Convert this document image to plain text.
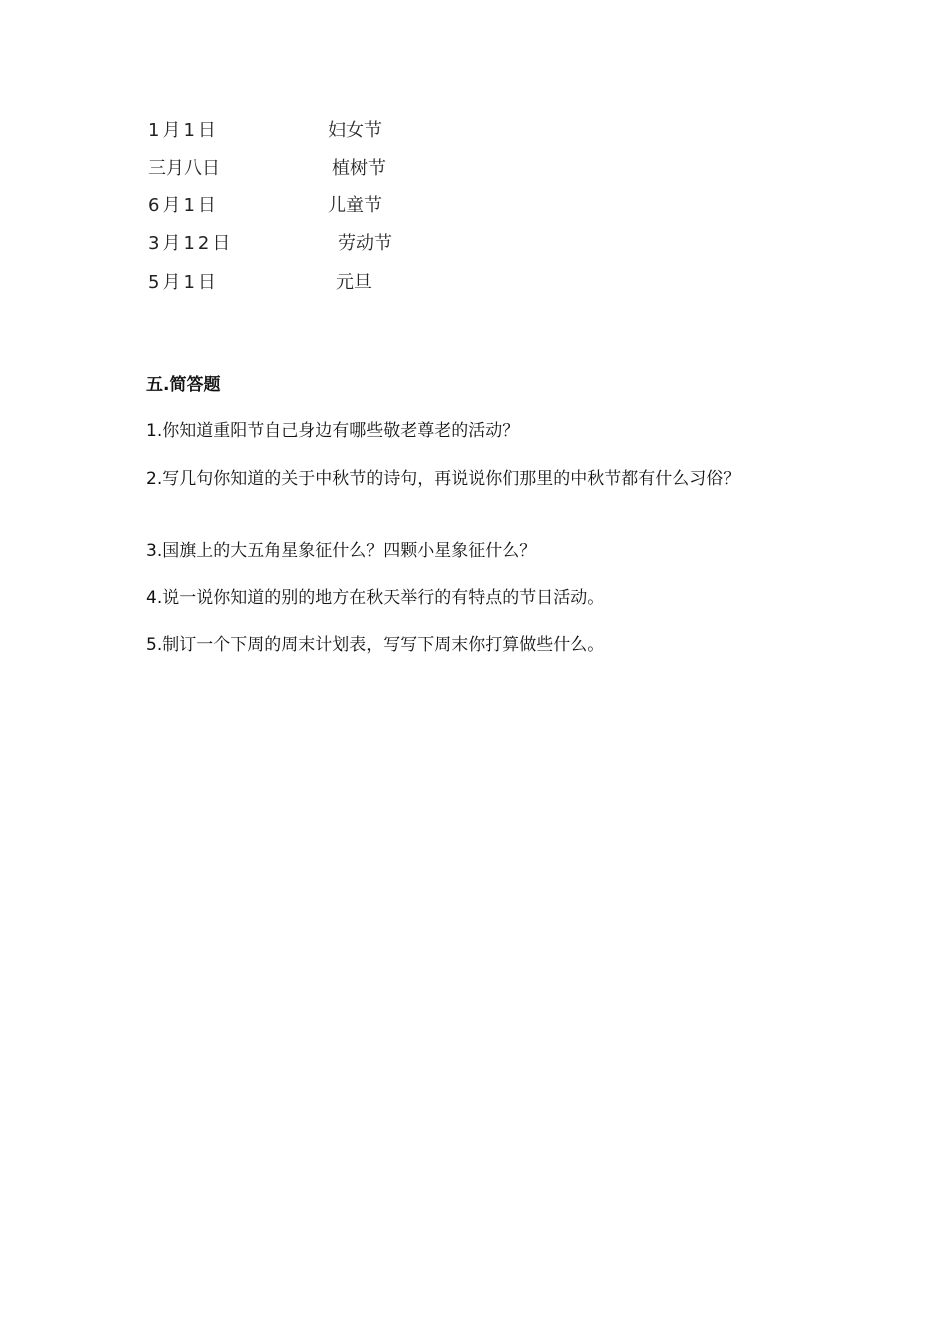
1月1日	妇女节
三月八日	植树节
6月1日	儿童节
3月12日	劳动节
5月1日	元旦
五.简答题
1.你知道重阳节自己身边有哪些敬老尊老的活动？
2.写几句你知道的关于中秋节的诗句，再说说你们那里的中秋节都有什么习俗？
3.国旗上的大五角星象征什么？四颗小星象征什么？
4.说一说你知道的别的地方在秋天举行的有特点的节日活动。
5.制订一个下周的周末计划表，写写下周末你打算做些什么。
